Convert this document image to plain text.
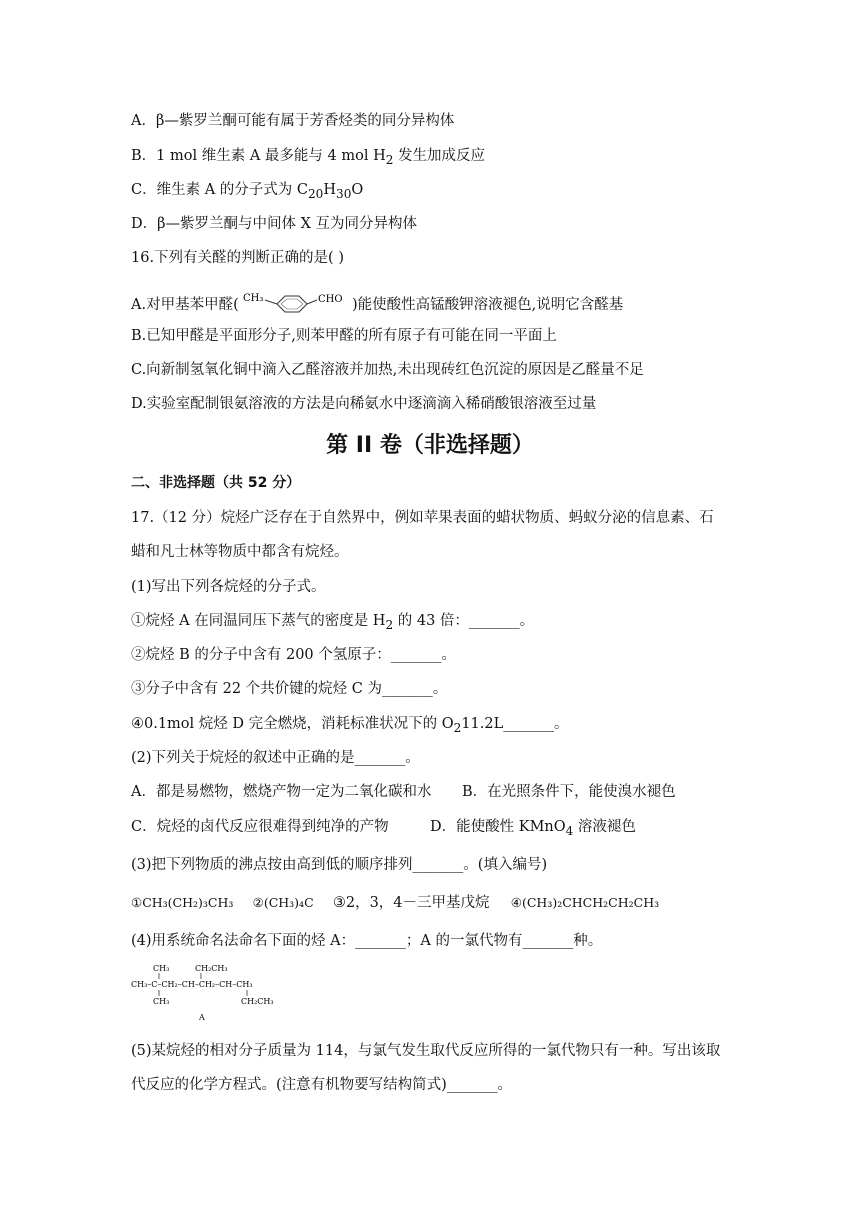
A．β—紫罗兰酮可能有属于芳香烃类的同分异构体
B．1 mol 维生素 A 最多能与 4 mol $H_2$ 发生加成反应
C．维生素 A 的分子式为 $C_{20}H_{30}O$
D．β—紫罗兰酮与中间体 X 互为同分异构体
16.下列有关醛的判断正确的是( )
A.对甲基苯甲醛( CH₃	CHO )能使酸性高锰酸钾溶液褪色,说明它含醛基
B.已知甲醛是平面形分子,则苯甲醛的所有原子有可能在同一平面上
C.向新制氢氧化铜中滴入乙醛溶液并加热,未出现砖红色沉淀的原因是乙醛量不足
D.实验室配制银氨溶液的方法是向稀氨水中逐滴滴入稀硝酸银溶液至过量
第 II 卷（非选择题）
二、非选择题（共 52 分）
17.（12 分）烷烃广泛存在于自然界中，例如苹果表面的蜡状物质、蚂蚁分泌的信息素、石
蜡和凡士林等物质中都含有烷烃。
(1)写出下列各烷烃的分子式。
①烷烃 A 在同温同压下蒸气的密度是 $H_2$ 的 43 倍：_______。
②烷烃 B 的分子中含有 200 个氢原子：_______。
③分子中含有 22 个共价键的烷烃 C 为_______。
④0.1mol 烷烃 D 完全燃烧，消耗标准状况下的 $O_211.2L\_\_\_\_\_\_\_$。
(2)下列关于烷烃的叙述中正确的是_______。
A．都是易燃物，燃烧产物一定为二氧化碳和水 B．在光照条件下，能使溴水褪色
C．烷烃的卤代反应很难得到纯净的产物	D．能使酸性 KMnO$_4$ 溶液褪色
(3)把下列物质的沸点按由高到低的顺序排列_______。(填入编号)
①CH₃(CH₂)₃CH₃ ②(CH₃)₄C ③2，3，4－三甲基戊烷 ④(CH₃)₂CHCH₂CH₂CH₃
(4)用系统命名法命名下面的烃 A：_______；A 的一氯代物有_______种。
CH₃	CH₂CH₃
CH₃–C–CH₂–CH–CH₂–CH–CH₃
CH₃	CH₂CH₃
A
(5)某烷烃的相对分子质量为 114，与氯气发生取代反应所得的一氯代物只有一种。写出该取
代反应的化学方程式。(注意有机物要写结构简式)_______。
